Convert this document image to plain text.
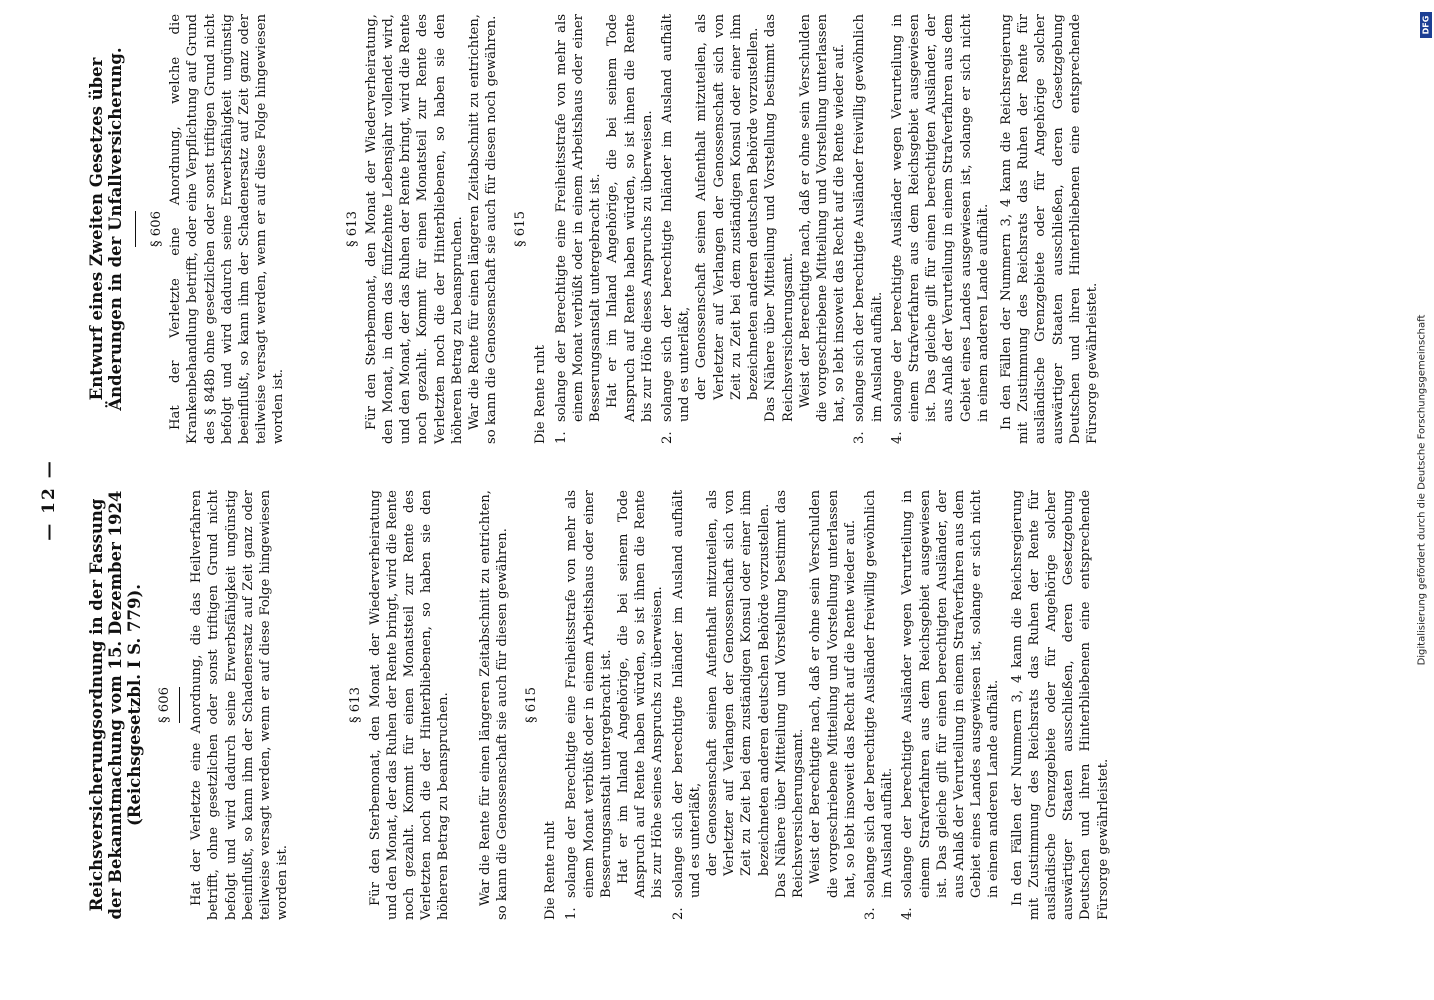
— 12 — Reichsversicherungsordnung in der Fassung der Bekanntmachung vom 15. Dezember 1924 (Reichsgesetzbl. I S. 779). § 606 Hat der Verletzte eine Anordnung, die das Heilverfahren betrifft, ohne gesetzlichen oder sonst triftigen Grund nicht befolgt und wird dadurch seine Erwerbsfähigkeit ungünstig beeinflußt, so kann ihm der Schadenersatz auf Zeit ganz oder teilweise versagt werden, wenn er auf diese Folge hingewiesen worden ist.

§ 613 Für den Sterbemonat, den Monat der Wiederverheiratung und den Monat, der das Ruhen der Rente bringt, wird die Rente noch gezahlt. Kommt für einen Monatsteil zur Rente des Verletzten noch die der Hinterbliebenen, so haben sie den höheren Betrag zu beanspruchen. War die Rente für einen längeren Zeitabschnitt zu entrichten, so kann die Genossenschaft sie auch für diesen gewähren. § 615
Die Rente ruht 1.

solange der Berechtigte eine Freiheitsstrafe von mehr als einem Monat verbüßt oder in einem Arbeitshaus oder einer Besserungsanstalt untergebracht ist. Hat er im Inland Angehörige, die bei seinem Tode Anspruch auf Rente haben würden, so ist ihnen die Rente bis zur Höhe seines Anspruchs zu überweisen.

2.

solange sich der berechtigte Inländer im Ausland aufhält und es unterläßt, der Genossenschaft seinen Aufenthalt mitzuteilen, als Verletzter auf Verlangen der Genossenschaft sich von Zeit zu Zeit bei dem zuständigen Konsul oder einer ihm bezeichneten anderen deutschen Behörde vorzustellen. Das Nähere über Mitteilung und Vorstellung bestimmt das Reichsversicherungsamt. Weist der Berechtigte nach, daß er ohne sein Verschulden die vorgeschriebene Mitteilung und Vorstellung unterlassen hat, so lebt insoweit das Recht auf die Rente wieder auf.

3.

solange sich der berechtigte Ausländer freiwillig gewöhnlich im Ausland aufhält.

4.

solange der berechtigte Ausländer wegen Verurteilung in einem Strafverfahren aus dem Reichsgebiet ausgewiesen ist. Das gleiche gilt für einen berechtigten Ausländer, der aus Anlaß der Verurteilung in einem Strafverfahren aus dem Gebiet eines Landes ausgewiesen ist, solange er sich nicht in einem anderen Lande aufhält. In den Fällen der Nummern 3, 4 kann die Reichsregierung mit Zustimmung des Reichsrats das Ruhen der Rente für ausländische Grenzgebiete oder für Angehörige solcher auswärtiger Staaten ausschließen, deren Gesetzgebung Deutschen und ihren Hinterbliebenen eine entsprechende Fürsorge gewährleistet.

Entwurf eines Zweiten Gesetzes über Änderungen in der Unfallversicherung. § 606 Hat der Verletzte eine Anordnung, welche die Krankenbehandlung betrifft, oder eine Verpflichtung auf Grund des § 848b ohne gesetzlichen oder sonst triftigen Grund nicht befolgt und wird dadurch seine Erwerbsfähigkeit ungünstig beeinflußt, so kann ihm der Schadenersatz auf Zeit ganz oder teilweise versagt werden, wenn er auf diese Folge hingewiesen worden ist.

§ 613 Für den Sterbemonat, den Monat der Wiederverheiratung, den Monat, in dem das fünfzehnte Lebensjahr vollendet wird, und den Monat, der das Ruhen der Rente bringt, wird die Rente noch gezahlt. Kommt für einen Monatsteil zur Rente des Verletzten noch die der Hinterbliebenen, so haben sie den höheren Betrag zu beanspruchen. War die Rente für einen längeren Zeitabschnitt zu entrichten, so kann die Genossenschaft sie auch für diesen noch gewähren. § 615
Die Rente ruht 1.

solange der Berechtigte eine Freiheitsstrafe von mehr als einem Monat verbüßt oder in einem Arbeitshaus oder einer Besserungsanstalt untergebracht ist. Hat er im Inland Angehörige, die bei seinem Tode Anspruch auf Rente haben würden, so ist ihnen die Rente bis zur Höhe dieses Anspruchs zu überweisen.

2.

solange sich der berechtigte Inländer im Ausland aufhält und es unterläßt, der Genossenschaft seinen Aufenthalt mitzuteilen, als Verletzter auf Verlangen der Genossenschaft sich von Zeit zu Zeit bei dem zuständigen Konsul oder einer ihm bezeichneten anderen deutschen Behörde vorzustellen. Das Nähere über Mitteilung und Vorstellung bestimmt das Reichsversicherungsamt. Weist der Berechtigte nach, daß er ohne sein Verschulden die vorgeschriebene Mitteilung und Vorstellung unterlassen hat, so lebt insoweit das Recht auf die Rente wieder auf.

3.

solange sich der berechtigte Ausländer freiwillig gewöhnlich im Ausland aufhält.

4.

solange der berechtigte Ausländer wegen Verurteilung in einem Strafverfahren aus dem Reichsgebiet ausgewiesen ist. Das gleiche gilt für einen berechtigten Ausländer, der aus Anlaß der Verurteilung in einem Strafverfahren aus dem Gebiet eines Landes ausgewiesen ist, solange er sich nicht in einem anderen Lande aufhält. In den Fällen der Nummern 3, 4 kann die Reichsregierung mit Zustimmung des Reichsrats das Ruhen der Rente für ausländische Grenzgebiete oder für Angehörige solcher auswärtiger Staaten ausschließen, deren Gesetzgebung Deutschen und ihren Hinterbliebenen eine entsprechende Fürsorge gewährleistet.	Digitalisierung gefördert durch die Deutsche Forschungsgemeinschaft
DFG
